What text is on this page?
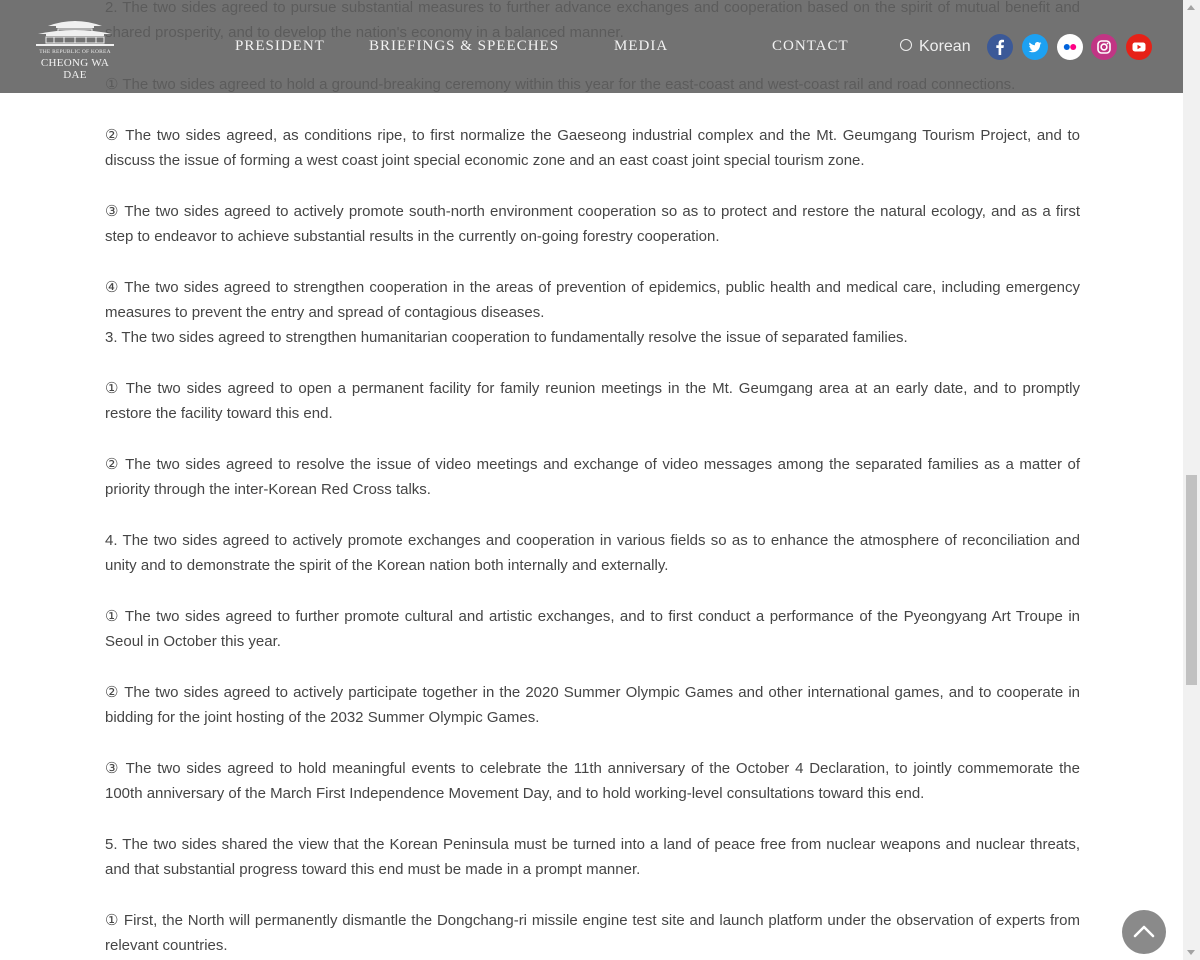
② The two sides agreed, as conditions ripe, to first normalize the Gaeseong industrial complex and the Mt. Geumgang Tourism Project, and to discuss the issue of forming a west coast joint special economic zone and an east coast joint special tourism zone.

③ The two sides agreed to actively promote south-north environment cooperation so as to protect and restore the natural ecology, and as a first step to endeavor to achieve substantial results in the currently on-going forestry cooperation.

④ The two sides agreed to strengthen cooperation in the areas of prevention of epidemics, public health and medical care, including emergency measures to prevent the entry and spread of contagious diseases.

3. The two sides agreed to strengthen humanitarian cooperation to fundamentally resolve the issue of separated families.

① The two sides agreed to open a permanent facility for family reunion meetings in the Mt. Geumgang area at an early date, and to promptly restore the facility toward this end.

② The two sides agreed to resolve the issue of video meetings and exchange of video messages among the separated families as a matter of priority through the inter-Korean Red Cross talks.

4. The two sides agreed to actively promote exchanges and cooperation in various fields so as to enhance the atmosphere of reconciliation and unity and to demonstrate the spirit of the Korean nation both internally and externally.

① The two sides agreed to further promote cultural and artistic exchanges, and to first conduct a performance of the Pyeongyang Art Troupe in Seoul in October this year.

② The two sides agreed to actively participate together in the 2020 Summer Olympic Games and other international games, and to cooperate in bidding for the joint hosting of the 2032 Summer Olympic Games.

③ The two sides agreed to hold meaningful events to celebrate the 11th anniversary of the October 4 Declaration, to jointly commemorate the 100th anniversary of the March First Independence Movement Day, and to hold working-level consultations toward this end.

5. The two sides shared the view that the Korean Peninsula must be turned into a land of peace free from nuclear weapons and nuclear threats, and that substantial progress toward this end must be made in a prompt manner.

① First, the North will permanently dismantle the Dongchang-ri missile engine test site and launch platform under the observation of experts from relevant countries.

THE REPUBLIC OF KOREA
CHEONG WA DAE
PRESIDENT	BRIEFINGS & SPEECHES	MEDIA	CONTACT	Korean
